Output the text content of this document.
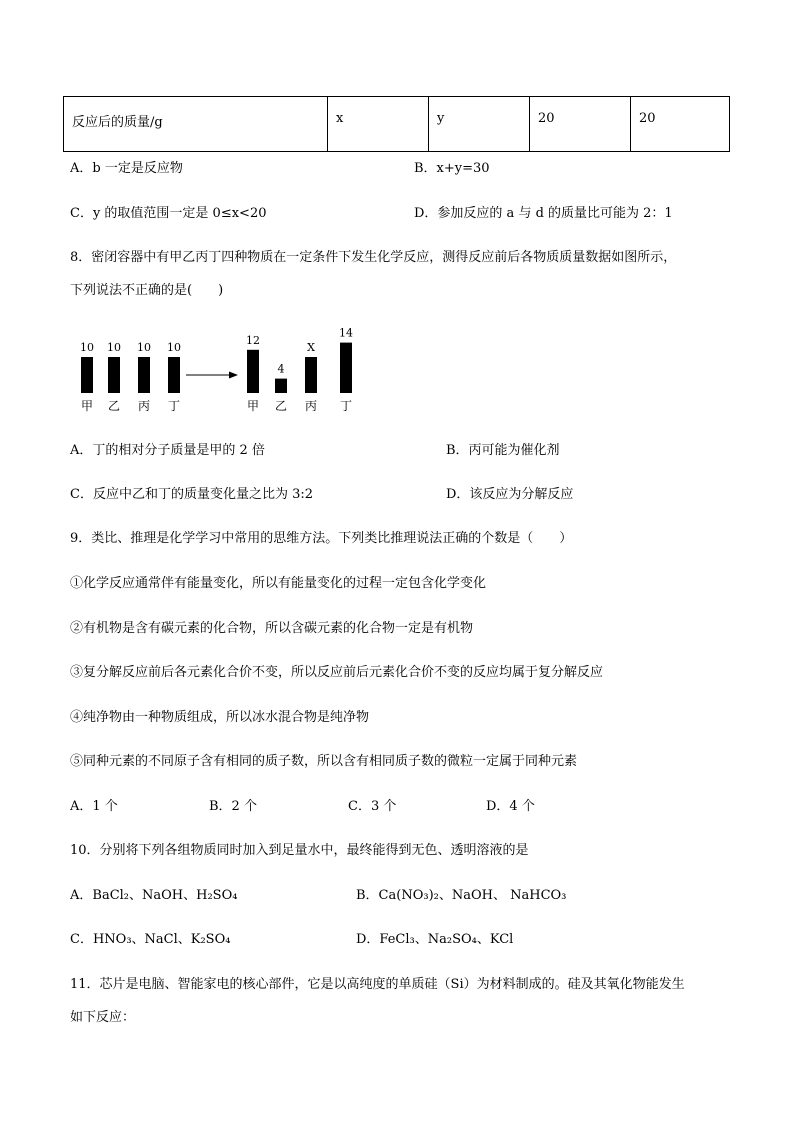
反应后的质量/g	x	y	20	20
A．b 一定是反应物	B．x+y=30
C．y 的取值范围一定是 0≤x<20	D．参加反应的 a 与 d 的质量比可能为 2：1
8．密闭容器中有甲乙丙丁四种物质在一定条件下发生化学反应，测得反应前后各物质质量数据如图所示，
下列说法不正确的是(　　)
10
甲
10
乙
10
丙
10
丁
12
甲
4
乙
X
丙
14
丁
A．丁的相对分子质量是甲的 2 倍	B．丙可能为催化剂
C．反应中乙和丁的质量变化量之比为 3:2	D．该反应为分解反应
9．类比、推理是化学学习中常用的思维方法。下列类比推理说法正确的个数是（　　）
①化学反应通常伴有能量变化，所以有能量变化的过程一定包含化学变化
②有机物是含有碳元素的化合物，所以含碳元素的化合物一定是有机物
③复分解反应前后各元素化合价不变，所以反应前后元素化合价不变的反应均属于复分解反应
④纯净物由一种物质组成，所以冰水混合物是纯净物
⑤同种元素的不同原子含有相同的质子数，所以含有相同质子数的微粒一定属于同种元素
A．1 个	B．2 个	C．3 个	D．4 个
10．分别将下列各组物质同时加入到足量水中，最终能得到无色、透明溶液的是
A．BaCl₂、NaOH、H₂SO₄	B．Ca(NO₃)₂、NaOH、 NaHCO₃
C．HNO₃、NaCl、K₂SO₄	D．FeCl₃、Na₂SO₄、KCl
11．芯片是电脑、智能家电的核心部件，它是以高纯度的单质硅（Si）为材料制成的。硅及其氧化物能发生
如下反应：
